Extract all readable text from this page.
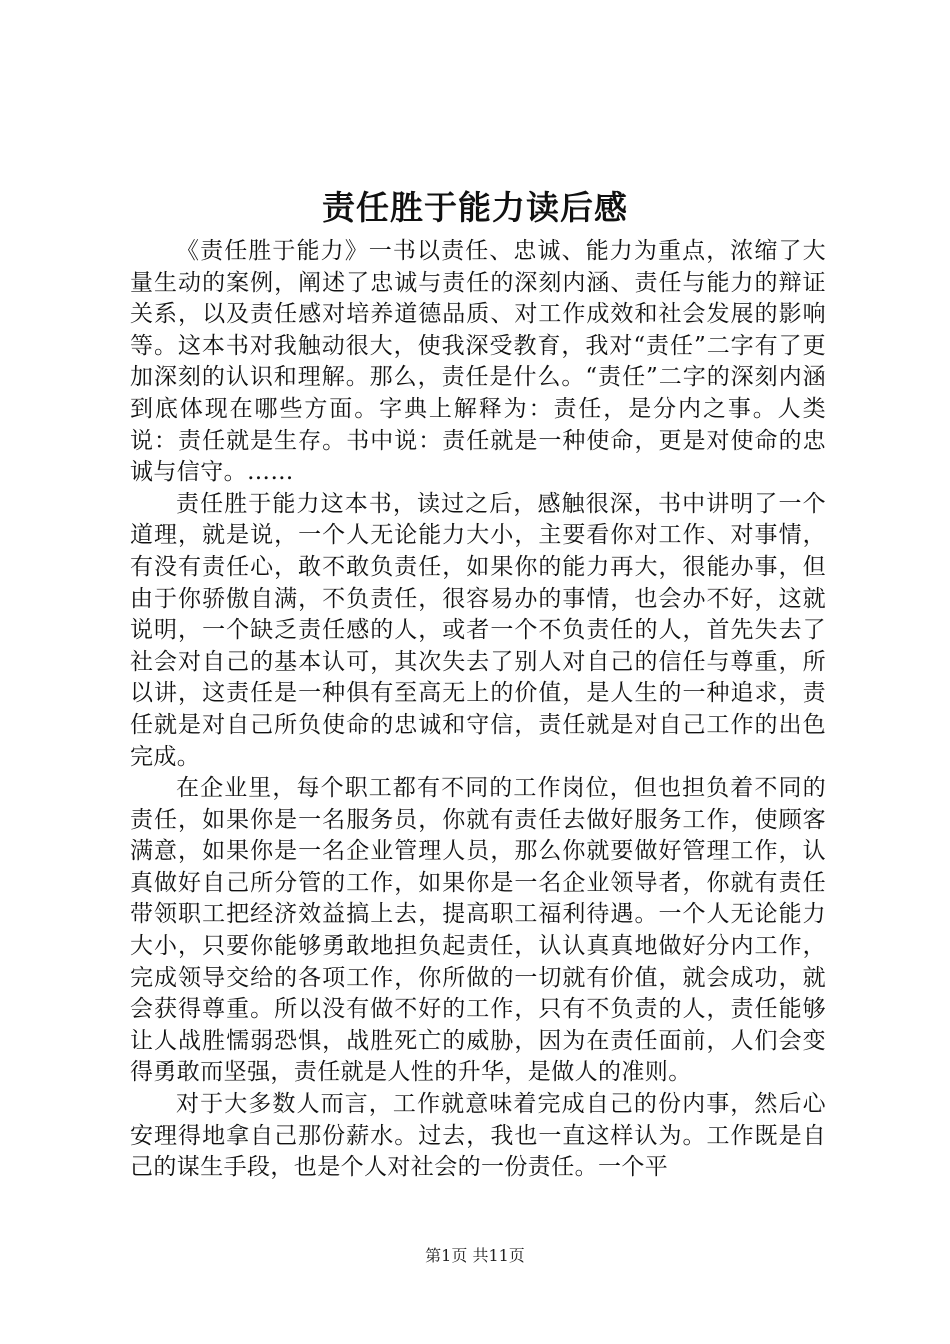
责任胜于能力读后感

《责任胜于能力》一书以责任、忠诚、能力为重点，浓缩了大量生动的案例，阐述了忠诚与责任的深刻内涵、责任与能力的辩证关系，以及责任感对培养道德品质、对工作成效和社会发展的影响等。这本书对我触动很大，使我深受教育，我对“责任”二字有了更加深刻的认识和理解。那么，责任是什么。“责任”二字的深刻内涵到底体现在哪些方面。字典上解释为：责任，是分内之事。人类说：责任就是生存。书中说：责任就是一种使命，更是对使命的忠诚与信守。……

责任胜于能力这本书，读过之后，感触很深，书中讲明了一个道理，就是说，一个人无论能力大小，主要看你对工作、对事情，有没有责任心，敢不敢负责任，如果你的能力再大，很能办事，但由于你骄傲自满，不负责任，很容易办的事情，也会办不好，这就说明，一个缺乏责任感的人，或者一个不负责任的人，首先失去了社会对自己的基本认可，其次失去了别人对自己的信任与尊重，所以讲，这责任是一种俱有至高无上的价值，是人生的一种追求，责任就是对自己所负使命的忠诚和守信，责任就是对自己工作的出色完成。

在企业里，每个职工都有不同的工作岗位，但也担负着不同的责任，如果你是一名服务员，你就有责任去做好服务工作，使顾客满意，如果你是一名企业管理人员，那么你就要做好管理工作，认真做好自己所分管的工作，如果你是一名企业领导者，你就有责任带领职工把经济效益搞上去，提高职工福利待遇。一个人无论能力大小，只要你能够勇敢地担负起责任，认认真真地做好分内工作，完成领导交给的各项工作，你所做的一切就有价值，就会成功，就会获得尊重。所以没有做不好的工作，只有不负责的人，责任能够让人战胜懦弱恐惧，战胜死亡的威胁，因为在责任面前，人们会变得勇敢而坚强，责任就是人性的升华，是做人的准则。

对于大多数人而言，工作就意味着完成自己的份内事，然后心安理得地拿自己那份薪水。过去，我也一直这样认为。工作既是自己的谋生手段，也是个人对社会的一份责任。一个平

第1页 共11页
